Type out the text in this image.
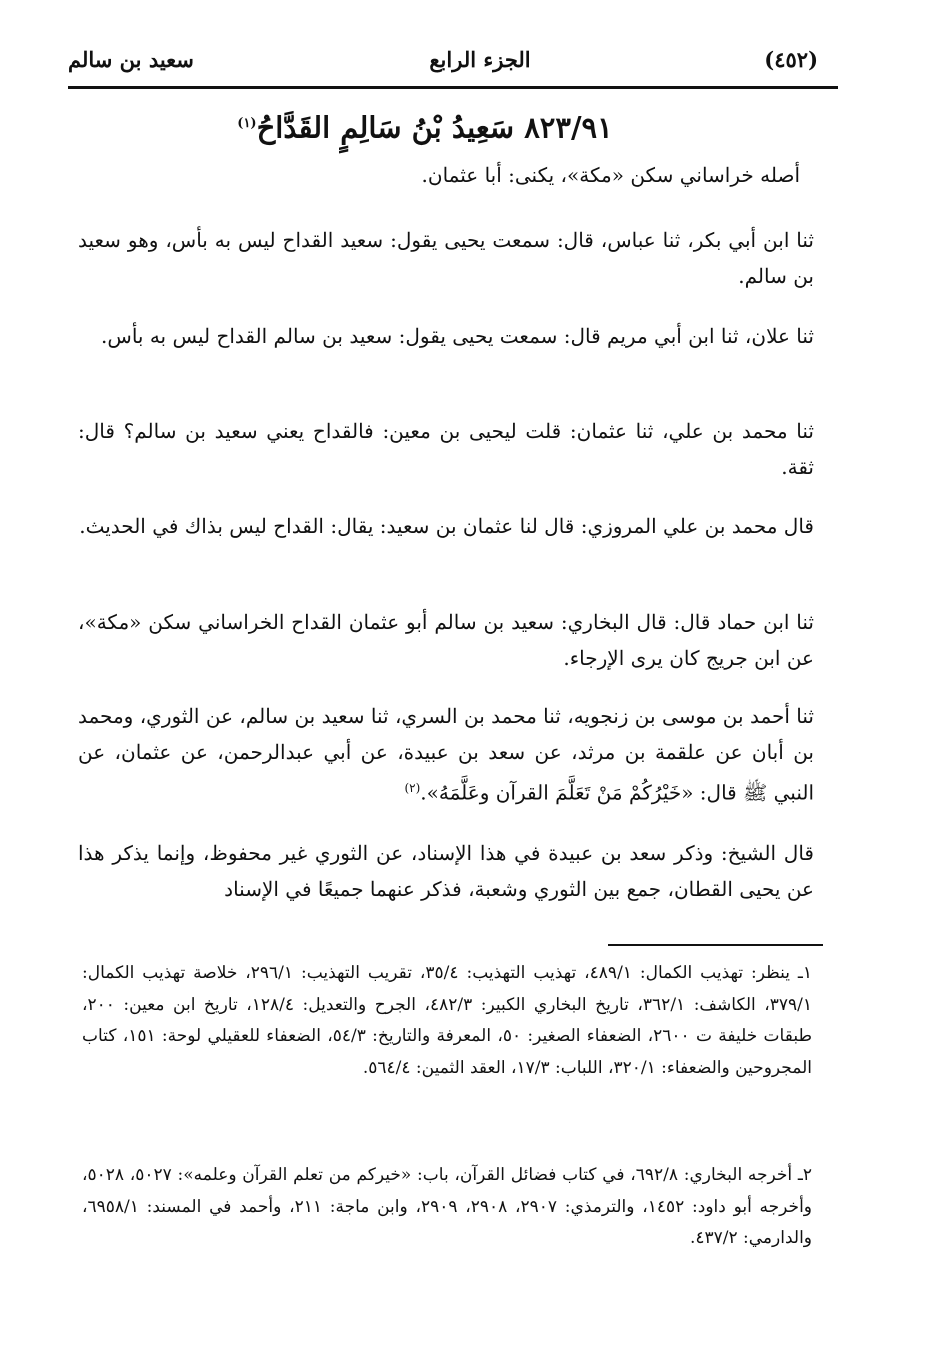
سعيد بن سالم	الجزء الرابع	(٤٥٢)
٨٢٣/٩١ سَعِيدُ بْنُ سَالِمٍ القَدَّاحُ$^{(١)}$

أصله خراساني سكن «مكة»، يكنى: أبا عثمان.

ثنا ابن أبي بكر، ثنا عباس، قال: سمعت يحيى يقول: سعيد القداح ليس به بأس، وهو سعيد بن سالم.

ثنا علان، ثنا ابن أبي مريم قال: سمعت يحيى يقول: سعيد بن سالم القداح ليس به بأس.

ثنا محمد بن علي، ثنا عثمان: قلت ليحيى بن معين: فالقداح يعني سعيد بن سالم؟ قال: ثقة.

قال محمد بن علي المروزي: قال لنا عثمان بن سعيد: يقال: القداح ليس بذاك في الحديث.

ثنا ابن حماد قال: قال البخاري: سعيد بن سالم أبو عثمان القداح الخراساني سكن «مكة»، عن ابن جريج كان يرى الإرجاء.

ثنا أحمد بن موسى بن زنجويه، ثنا محمد بن السري، ثنا سعيد بن سالم، عن الثوري، ومحمد بن أبان عن علقمة بن مرثد، عن سعد بن عبيدة، عن أبي عبدالرحمن، عن عثمان، عن النبي ﷺ قال: «خَيْرُكُمْ مَنْ تَعَلَّمَ القرآن وعَلَّمَهُ».$^{(٢)}$

قال الشيخ: وذكر سعد بن عبيدة في هذا الإسناد، عن الثوري غير محفوظ، وإنما يذكر هذا عن يحيى القطان، جمع بين الثوري وشعبة، فذكر عنهما جميعًا في الإسناد

١ـ ينظر: تهذيب الكمال: ٤٨٩/١، تهذيب التهذيب: ٣٥/٤، تقريب التهذيب: ٢٩٦/١، خلاصة تهذيب الكمال: ٣٧٩/١، الكاشف: ٣٦٢/١، تاريخ البخاري الكبير: ٤٨٢/٣، الجرح والتعديل: ١٢٨/٤، تاريخ ابن معين: ٢٠٠، طبقات خليفة ت ٢٦٠٠، الضعفاء الصغير: ٥٠، المعرفة والتاريخ: ٥٤/٣، الضعفاء للعقيلي لوحة: ١٥١، كتاب المجروحين والضعفاء: ٣٢٠/١، اللباب: ١٧/٣، العقد الثمين: ٥٦٤/٤.

٢ـ أخرجه البخاري: ٦٩٢/٨، في كتاب فضائل القرآن، باب: «خيركم من تعلم القرآن وعلمه»: ٥٠٢٧، ٥٠٢٨، وأخرجه أبو داود: ١٤٥٢، والترمذي: ٢٩٠٧، ٢٩٠٨، ٢٩٠٩، وابن ماجة: ٢١١، وأحمد في المسند: ٦٩٥٨/١، والدارمي: ٤٣٧/٢.
